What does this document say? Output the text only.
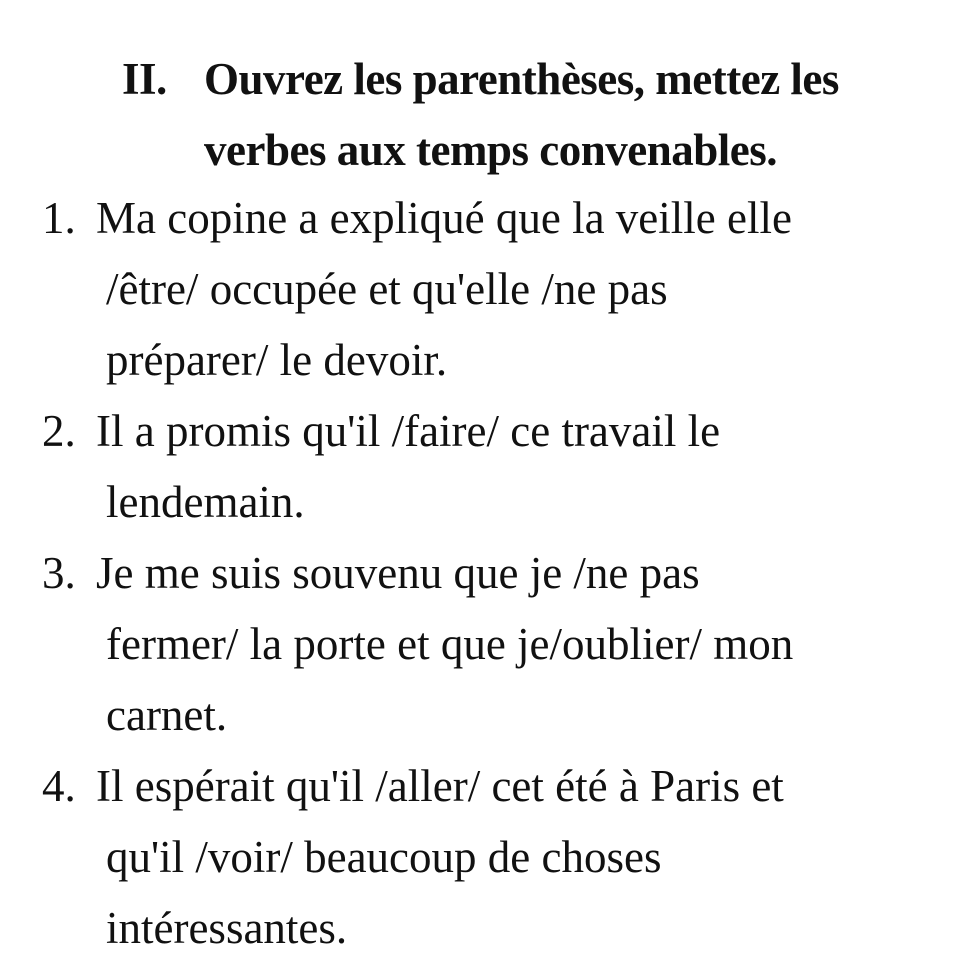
II. Ouvrez les parenthèses, mettez les
verbes aux temps convenables.
1. Ma copine a expliqué que la veille elle
/être/ occupée et qu'elle /ne pas
préparer/ le devoir.
2. Il a promis qu'il /faire/ ce travail le
lendemain.
3. Je me suis souvenu que je /ne pas
fermer/ la porte et que je/oublier/ mon
carnet.
4. Il espérait qu'il /aller/ cet été à Paris et
qu'il /voir/ beaucoup de choses
intéressantes.
